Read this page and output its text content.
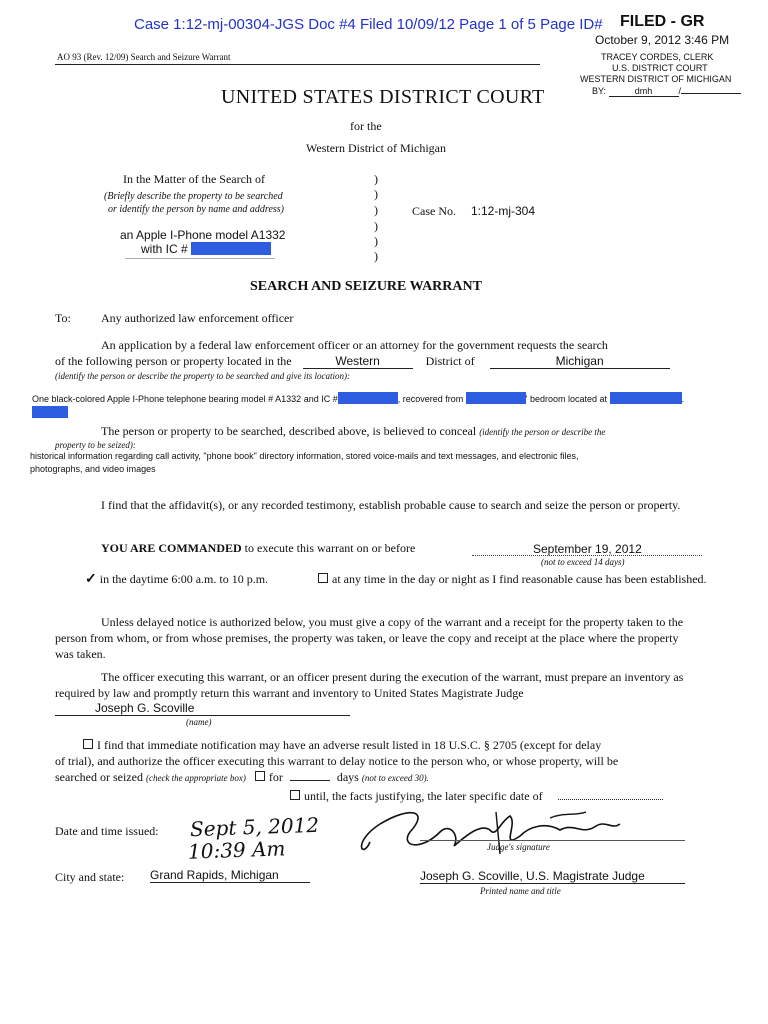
Case 1:12-mj-00304-JGS Doc #4 Filed 10/09/12 Page 1 of 5 Page ID# FILED - GR
October 9, 2012 3:46 PM
TRACEY CORDES, CLERK
U.S. DISTRICT COURT
WESTERN DISTRICT OF MICHIGAN
BY:	dmh	/
AO 93 (Rev. 12/09) Search and Seizure Warrant
UNITED STATES DISTRICT COURT
for the
Western District of Michigan
In the Matter of the Search of
(Briefly describe the property to be searched
or identify the person by name and address)
an Apple I-Phone model A1332
with IC #
)
)
)
)
)
)
Case No. 1:12-mj-304
SEARCH AND SEIZURE WARRANT
To:	Any authorized law enforcement officer
An application by a federal law enforcement officer or an attorney for the government requests the search
of the following person or property located in the	Western	District of	Michigan
(identify the person or describe the property to be searched and give its location):
One black-colored Apple I-Phone telephone bearing model # A1332 and IC #	, recovered from	' bedroom located at	.
The person or property to be searched, described above, is believed to conceal (identify the person or describe the
property to be seized):
historical information regarding call activity, "phone book" directory information, stored voice-mails and text messages, and electronic files,
photographs, and video images
I find that the affidavit(s), or any recorded testimony, establish probable cause to search and seize the person or property.
YOU ARE COMMANDED to execute this warrant on or before	September 19, 2012
(not to exceed 14 days)
✓ in the daytime 6:00 a.m. to 10 p.m.	at any time in the day or night as I find reasonable cause has been established.
Unless delayed notice is authorized below, you must give a copy of the warrant and a receipt for the property taken to the person from whom, or from whose premises, the property was taken, or leave the copy and receipt at the place where the property was taken.
The officer executing this warrant, or an officer present during the execution of the warrant, must prepare an inventory as required by law and promptly return this warrant and inventory to United States Magistrate Judge
Joseph G. Scoville
(name)
I find that immediate notification may have an adverse result listed in 18 U.S.C. § 2705 (except for delay
of trial), and authorize the officer executing this warrant to delay notice to the person who, or whose property, will be
searched or seized (check the appropriate box) for	days (not to exceed 30).
until, the facts justifying, the later specific date of
Date and time issued: Sept 5, 2012
10:39 Am	Judge's signature
City and state: Grand Rapids, Michigan	Joseph G. Scoville, U.S. Magistrate Judge
Printed name and title
